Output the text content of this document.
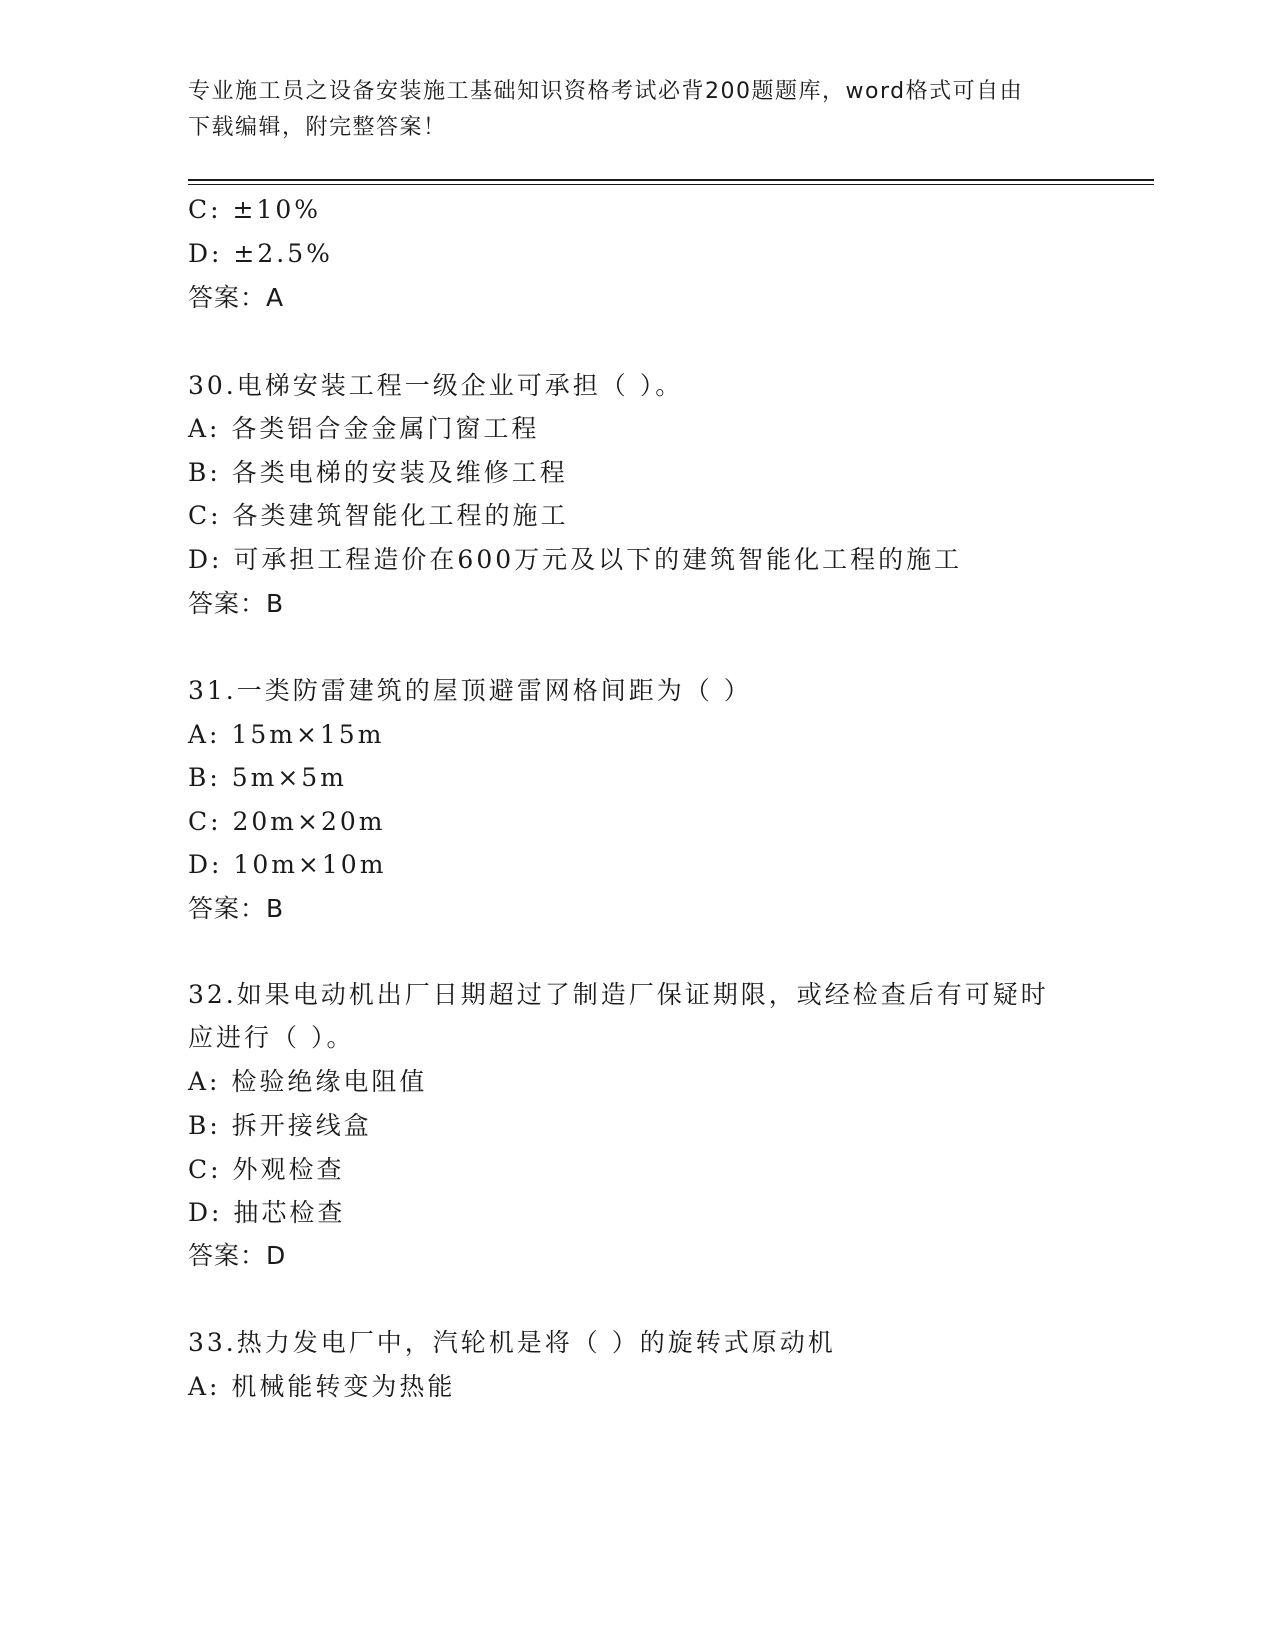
专业施工员之设备安装施工基础知识资格考试必背200题题库，word格式可自由
下载编辑，附完整答案！
C: ±10%
D: ±2.5%
答案：A
30.电梯安装工程一级企业可承担（ ）。
A: 各类铝合金金属门窗工程
B: 各类电梯的安装及维修工程
C: 各类建筑智能化工程的施工
D: 可承担工程造价在600万元及以下的建筑智能化工程的施工
答案：B
31.一类防雷建筑的屋顶避雷网格间距为（ ）
A: 15m×15m
B: 5m×5m
C: 20m×20m
D: 10m×10m
答案：B
32.如果电动机出厂日期超过了制造厂保证期限，或经检查后有可疑时
应进行（ ）。
A: 检验绝缘电阻值
B: 拆开接线盒
C: 外观检查
D: 抽芯检查
答案：D
33.热力发电厂中，汽轮机是将（ ）的旋转式原动机
A: 机械能转变为热能
